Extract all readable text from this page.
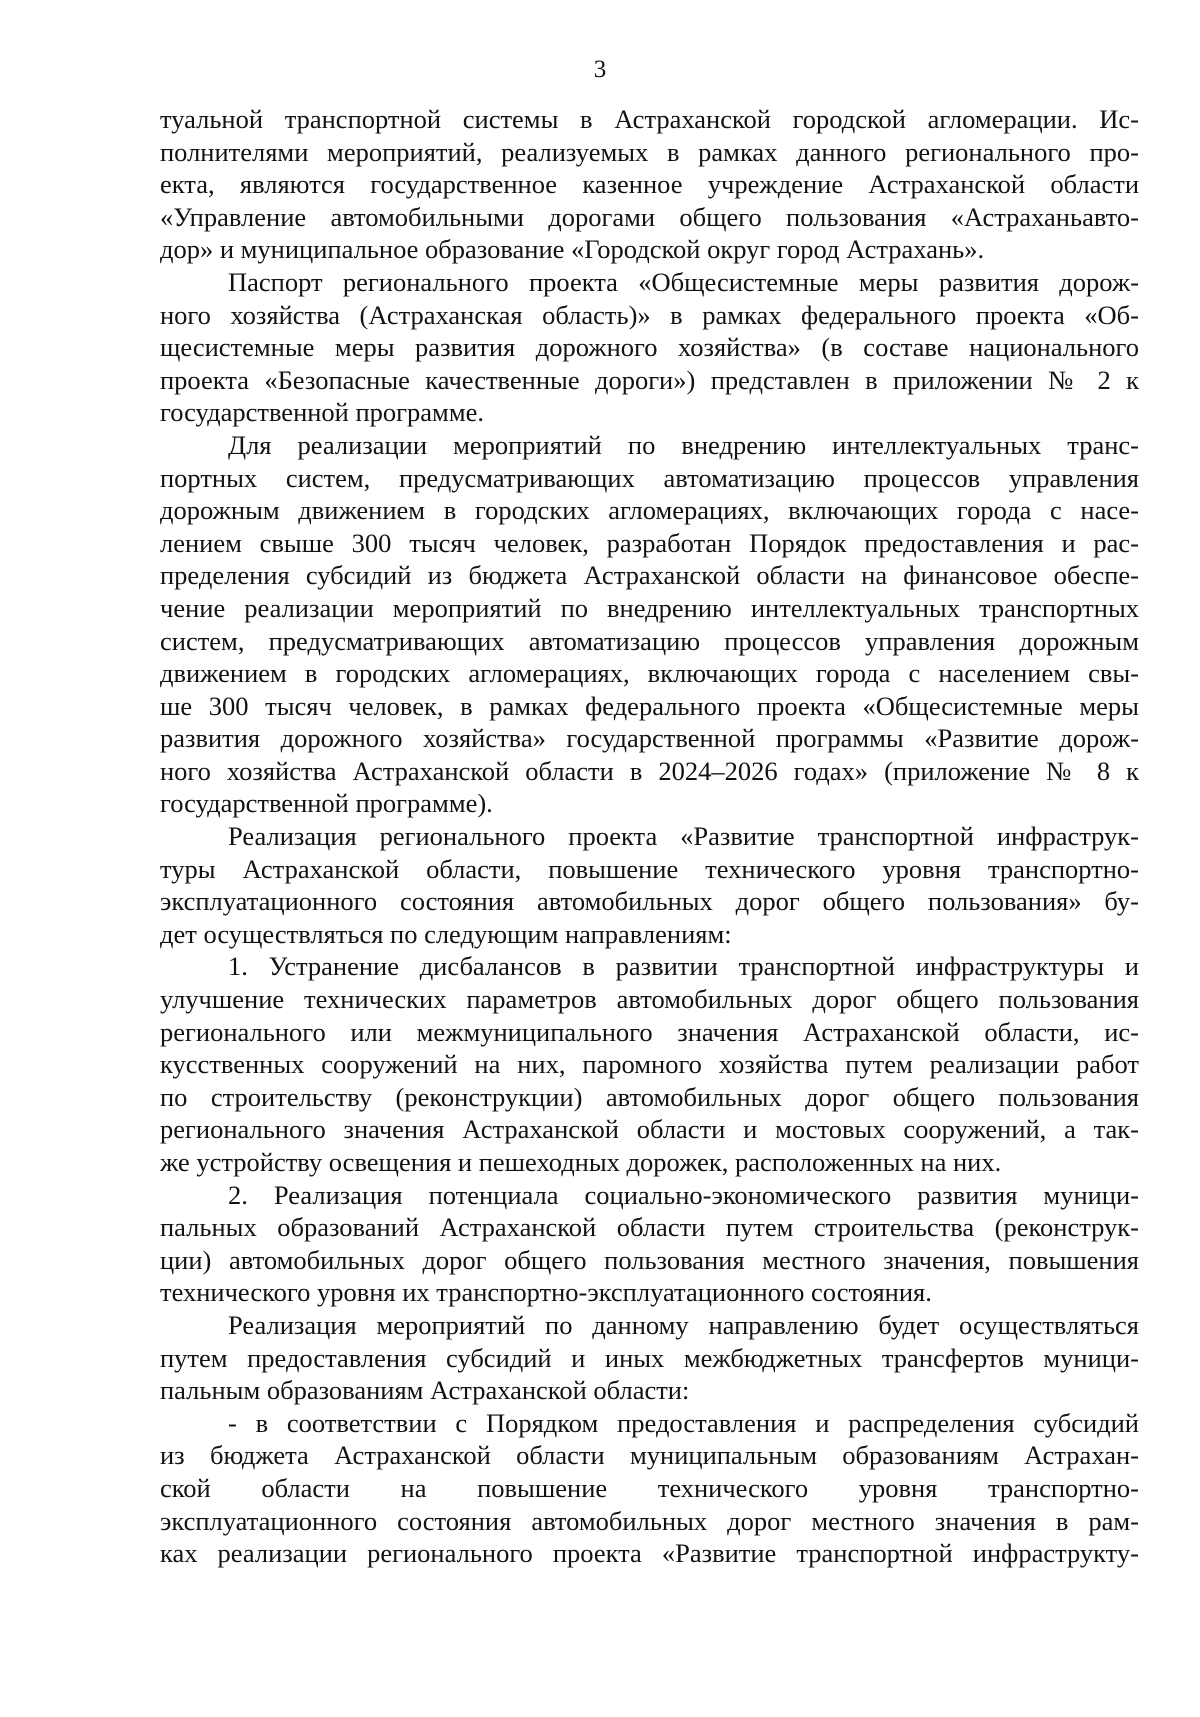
3
туальной транспортной системы в Астраханской городской агломерации. Ис-
полнителями мероприятий, реализуемых в рамках данного регионального про-
екта, являются государственное казенное учреждение Астраханской области
«Управление автомобильными дорогами общего пользования «Астраханьавто-
дор» и муниципальное образование «Городской округ город Астрахань».
Паспорт регионального проекта «Общесистемные меры развития дорож-
ного хозяйства (Астраханская область)» в рамках федерального проекта «Об-
щесистемные меры развития дорожного хозяйства» (в составе национального
проекта «Безопасные качественные дороги») представлен в приложении № 2 к
государственной программе.
Для реализации мероприятий по внедрению интеллектуальных транс-
портных систем, предусматривающих автоматизацию процессов управления
дорожным движением в городских агломерациях, включающих города с насе-
лением свыше 300 тысяч человек, разработан Порядок предоставления и рас-
пределения субсидий из бюджета Астраханской области на финансовое обеспе-
чение реализации мероприятий по внедрению интеллектуальных транспортных
систем, предусматривающих автоматизацию процессов управления дорожным
движением в городских агломерациях, включающих города с населением свы-
ше 300 тысяч человек, в рамках федерального проекта «Общесистемные меры
развития дорожного хозяйства» государственной программы «Развитие дорож-
ного хозяйства Астраханской области в 2024–2026 годах» (приложение № 8 к
государственной программе).
Реализация регионального проекта «Развитие транспортной инфраструк-
туры Астраханской области, повышение технического уровня транспортно-
эксплуатационного состояния автомобильных дорог общего пользования» бу-
дет осуществляться по следующим направлениям:
1. Устранение дисбалансов в развитии транспортной инфраструктуры и
улучшение технических параметров автомобильных дорог общего пользования
регионального или межмуниципального значения Астраханской области, ис-
кусственных сооружений на них, паромного хозяйства путем реализации работ
по строительству (реконструкции) автомобильных дорог общего пользования
регионального значения Астраханской области и мостовых сооружений, а так-
же устройству освещения и пешеходных дорожек, расположенных на них.
2. Реализация потенциала социально-экономического развития муници-
пальных образований Астраханской области путем строительства (реконструк-
ции) автомобильных дорог общего пользования местного значения, повышения
технического уровня их транспортно-эксплуатационного состояния.
Реализация мероприятий по данному направлению будет осуществляться
путем предоставления субсидий и иных межбюджетных трансфертов муници-
пальным образованиям Астраханской области:
- в соответствии с Порядком предоставления и распределения субсидий
из бюджета Астраханской области муниципальным образованиям Астрахан-
ской области на повышение технического уровня транспортно-
эксплуатационного состояния автомобильных дорог местного значения в рам-
ках реализации регионального проекта «Развитие транспортной инфраструкту-
